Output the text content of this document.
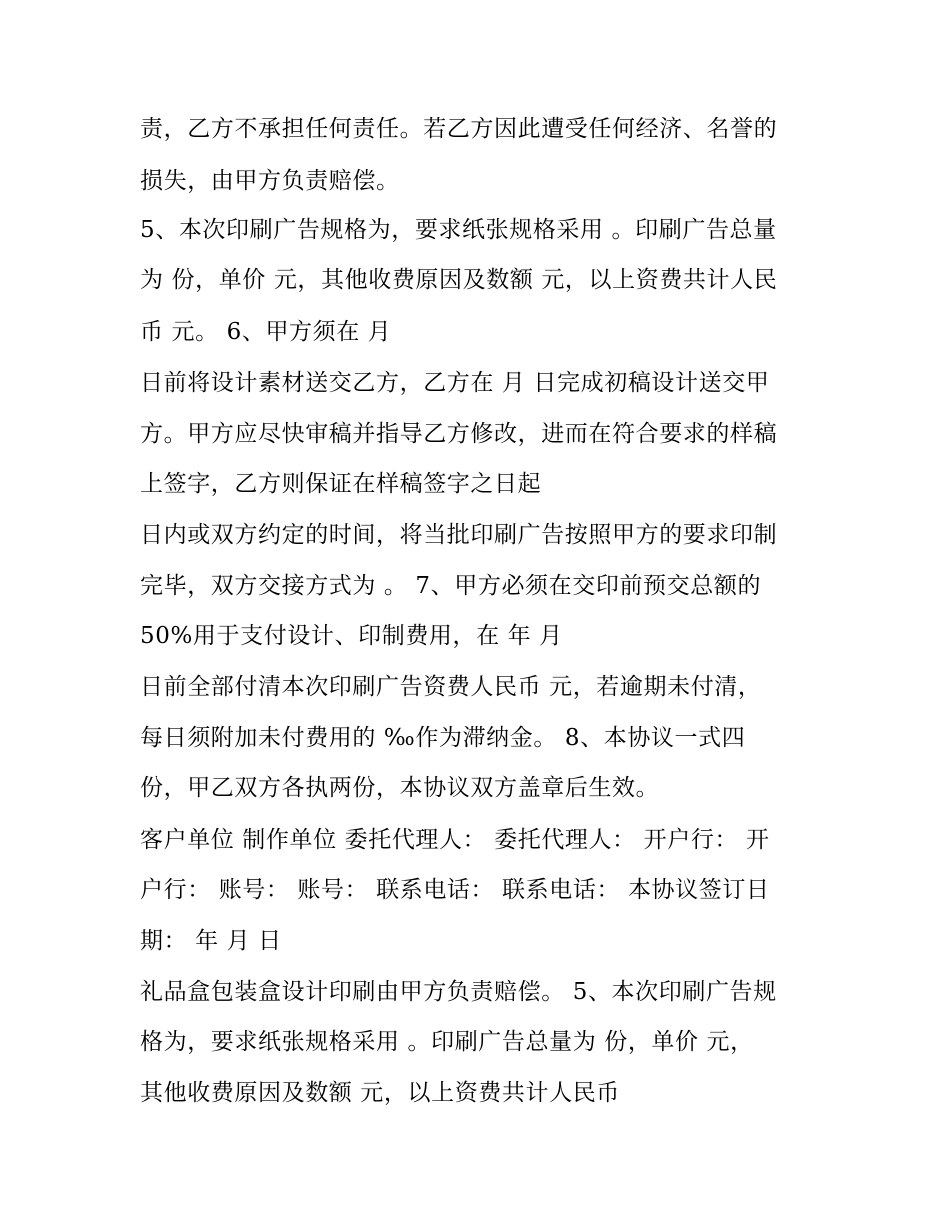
责，乙方不承担任何责任。若乙方因此遭受任何经济、名誉的

损失，由甲方负责赔偿。

5、本次印刷广告规格为，要求纸张规格采用 。印刷广告总量

为 份，单价 元，其他收费原因及数额 元，以上资费共计人民

币 元。 6、甲方须在 月

日前将设计素材送交乙方，乙方在 月 日完成初稿设计送交甲

方。甲方应尽快审稿并指导乙方修改，进而在符合要求的样稿

上签字，乙方则保证在样稿签字之日起

日内或双方约定的时间，将当批印刷广告按照甲方的要求印制

完毕，双方交接方式为 。 7、甲方必须在交印前预交总额的

50%用于支付设计、印制费用，在 年 月

日前全部付清本次印刷广告资费人民币 元，若逾期未付清，

每日须附加未付费用的 ‰作为滞纳金。 8、本协议一式四

份，甲乙双方各执两份，本协议双方盖章后生效。

客户单位 制作单位 委托代理人： 委托代理人： 开户行： 开

户行： 账号： 账号： 联系电话： 联系电话： 本协议签订日

期： 年 月 日

礼品盒包装盒设计印刷由甲方负责赔偿。 5、本次印刷广告规

格为，要求纸张规格采用 。印刷广告总量为 份，单价 元，

其他收费原因及数额 元，以上资费共计人民币
